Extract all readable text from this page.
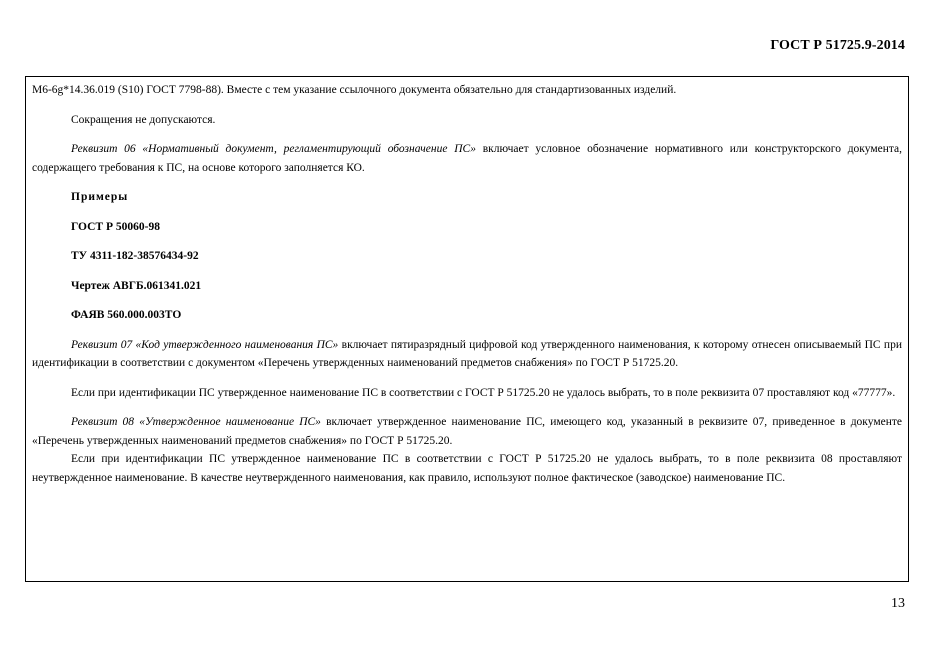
ГОСТ Р 51725.9-2014

М6-6g*14.36.019 (S10) ГОСТ 7798-88). Вместе с тем указание ссылочного документа обязательно для стандартизованных изделий.

Сокращения не допускаются.

Реквизит 06 «Нормативный документ, регламентирующий обозначение ПС» включает условное обозначение нормативного или конструкторского документа, содержащего требования к ПС, на основе которого заполняется КО.

Примеры

ГОСТ Р 50060-98

ТУ 4311-182-38576434-92

Чертеж АВГБ.061341.021

ФАЯВ 560.000.003ТО

Реквизит 07 «Код утвержденного наименования ПС» включает пятиразрядный цифровой код утвержденного наименования, к которому отнесен описываемый ПС при идентификации в соответствии с документом «Перечень утвержденных наименований предметов снабжения» по ГОСТ Р 51725.20.

Если при идентификации ПС утвержденное наименование ПС в соответствии с ГОСТ Р 51725.20 не удалось выбрать, то в поле реквизита 07 проставляют код «77777».

Реквизит 08 «Утвержденное наименование ПС» включает утвержденное наименование ПС, имеющего код, указанный в реквизите 07, приведенное в документе «Перечень утвержденных наименований предметов снабжения» по ГОСТ Р 51725.20.

Если при идентификации ПС утвержденное наименование ПС в соответствии с ГОСТ Р 51725.20 не удалось выбрать, то в поле реквизита 08 проставляют неутвержденное наименование. В качестве неутвержденного наименования, как правило, используют полное фактическое (заводское) наименование ПС.

13
